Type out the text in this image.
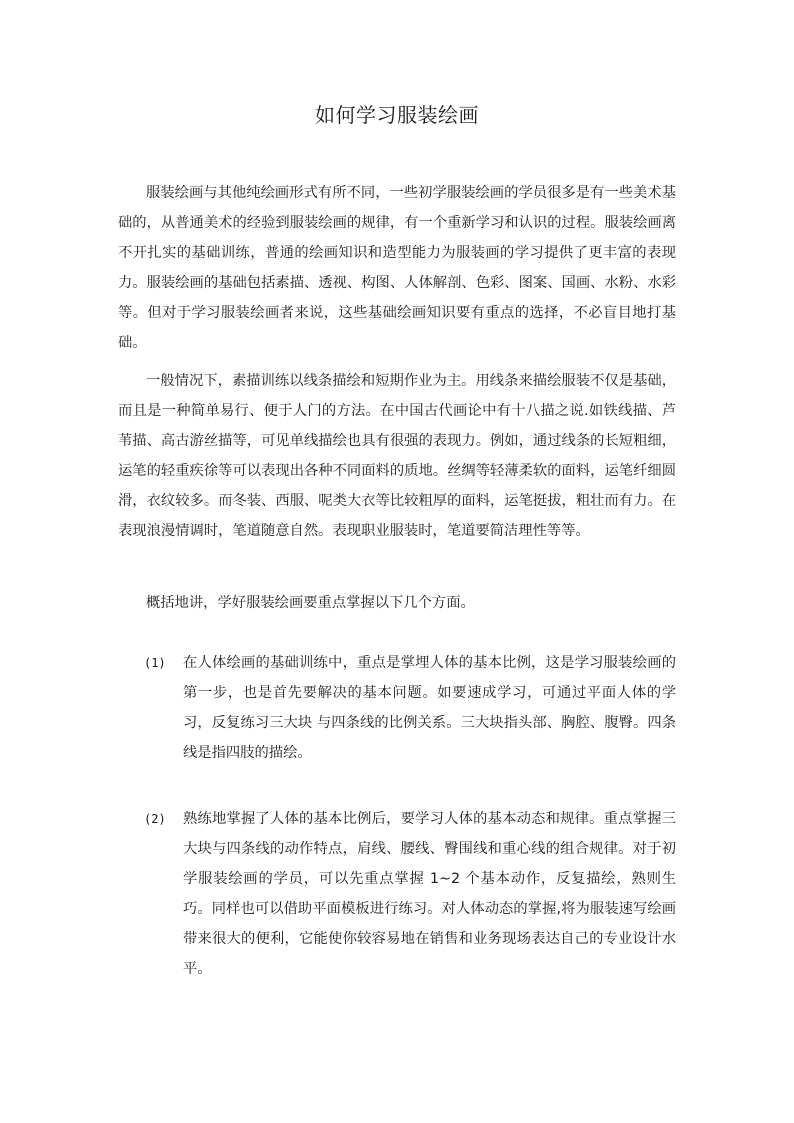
如何学习服装绘画

服装绘画与其他纯绘画形式有所不同，一些初学服装绘画的学员很多是有一些美术基础的，从普通美术的经验到服装绘画的规律，有一个重新学习和认识的过程。服装绘画离不开扎实的基础训练，普通的绘画知识和造型能力为服装画的学习提供了更丰富的表现力。服装绘画的基础包括素描、透视、构图、人体解剖、色彩、图案、国画、水粉、水彩等。但对于学习服装绘画者来说，这些基础绘画知识要有重点的选择，不必盲目地打基础。

一般情况下，素描训练以线条描绘和短期作业为主。用线条来描绘服装不仅是基础，而且是一种简单易行、便于人门的方法。在中国古代画论中有十八描之说.如铁线描、芦苇描、高古游丝描等，可见单线描绘也具有很强的表现力。例如，通过线条的长短粗细，运笔的轻重疾徐等可以表现出各种不同面料的质地。丝绸等轻薄柔软的面料，运笔纤细圆滑，衣纹较多。而冬装、西服、呢类大衣等比较粗厚的面料，运笔挺拔，粗壮而有力。在表现浪漫情调时，笔道随意自然。表现职业服装时，笔道要简洁理性等等。

概括地讲，学好服装绘画要重点掌握以下几个方面。

(1) 在人体绘画的基础训练中，重点是掌埋人体的基本比例，这是学习服装绘画的第一步，也是首先要解决的基本问题。如要速成学习，可通过平面人体的学习，反复练习三大块 与四条线的比例关系。三大块指头部、胸腔、腹臀。四条线是指四肢的描绘。

(2) 熟练地掌握了人体的基本比例后，要学习人体的基本动态和规律。重点掌握三大块与四条线的动作特点，肩线、腰线、臀围线和重心线的组合规律。对于初学服装绘画的学员，可以先重点掌握 1~2 个基本动作，反复描绘，熟则生巧。同样也可以借助平面模板进行练习。对人体动态的掌握,将为服装速写绘画带来很大的便利，它能使你较容易地在销售和业务现场表达自己的专业设计水平。
